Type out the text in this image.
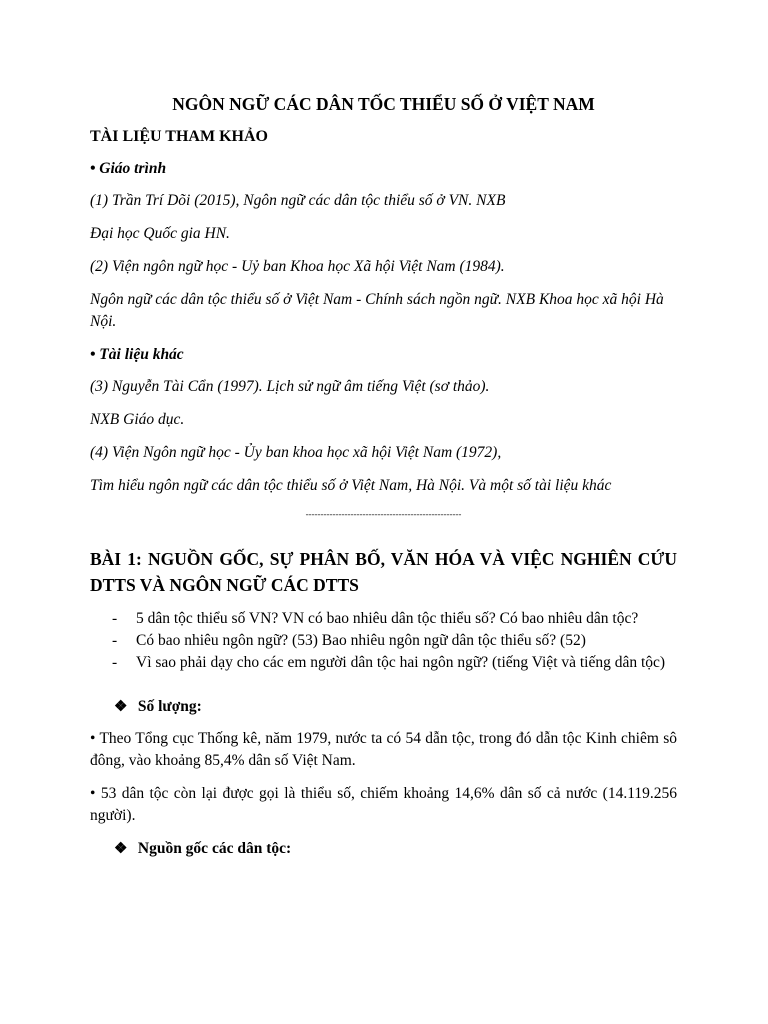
NGÔN NGỮ CÁC DÂN TỐC THIỂU SỐ Ở VIỆT NAM
TÀI LIỆU THAM KHẢO
• Giáo trình
(1) Trần Trí Dõi (2015), Ngôn ngữ các dân tộc thiểu số ở VN. NXB
Đại học Quốc gia HN.
(2) Viện ngôn ngữ học - Uỷ ban Khoa học Xã hội Việt Nam (1984).
Ngôn ngữ các dân tộc thiểu số ở Việt Nam - Chính sách ngồn ngữ. NXB Khoa học xã hội Hà Nội.
• Tài liệu khác
(3) Nguyễn Tài Cẩn (1997). Lịch sử ngữ âm tiếng Việt (sơ thảo).
NXB Giáo dục.
(4) Viện Ngôn ngữ học - Ủy ban khoa học xã hội Việt Nam (1972),
Tìm hiểu ngôn ngữ các dân tộc thiểu số ở Việt Nam, Hà Nội. Và một số tài liệu khác
----------------------------------------------------
BÀI 1: NGUỒN GỐC, SỰ PHÂN BỐ, VĂN HÓA VÀ VIỆC NGHIÊN CỨU DTTS VÀ NGÔN NGỮ CÁC DTTS
- 5 dân tộc thiểu số VN? VN có bao nhiêu dân tộc thiểu số? Có bao nhiêu dân tộc?
- Có bao nhiêu ngôn ngữ? (53) Bao nhiêu ngôn ngữ dân tộc thiểu số? (52)
- Vì sao phải dạy cho các em người dân tộc hai ngôn ngữ? (tiếng Việt và tiếng dân tộc)
❖ Số lượng:
• Theo Tổng cục Thống kê, năm 1979, nước ta có 54 dẫn tộc, trong đó dẫn tộc Kinh chiêm sô đông, vào khoảng 85,4% dân số Việt Nam.
• 53 dân tộc còn lại được gọi là thiểu số, chiếm khoảng 14,6% dân số cả nước (14.119.256 người).
❖ Nguồn gốc các dân tộc:
